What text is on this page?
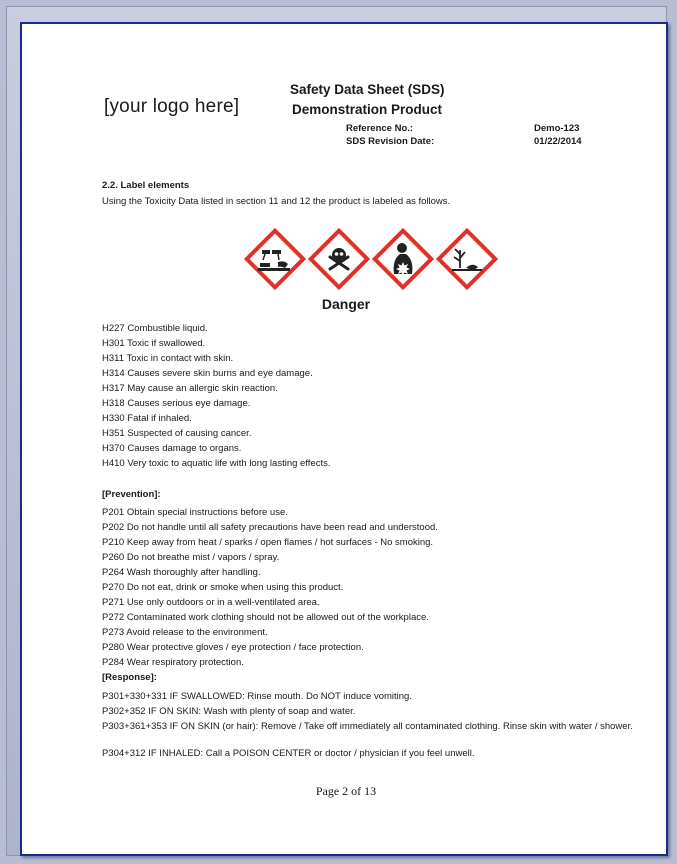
[your logo here]
Safety Data Sheet (SDS)
Demonstration Product
Reference No.:	Demo-123
SDS Revision Date:	01/22/2014
2.2. Label elements
Using the Toxicity Data listed in section 11 and 12 the product is labeled as follows.
Danger
H227 Combustible liquid.
H301 Toxic if swallowed.
H311 Toxic in contact with skin.
H314 Causes severe skin burns and eye damage.
H317 May cause an allergic skin reaction.
H318 Causes serious eye damage.
H330 Fatal if inhaled.
H351 Suspected of causing cancer.
H370 Causes damage to organs.
H410 Very toxic to aquatic life with long lasting effects.
[Prevention]:
P201 Obtain special instructions before use.
P202 Do not handle until all safety precautions have been read and understood.
P210 Keep away from heat / sparks / open flames / hot surfaces - No smoking.
P260 Do not breathe mist / vapors / spray.
P264 Wash thoroughly after handling.
P270 Do not eat, drink or smoke when using this product.
P271 Use only outdoors or in a well-ventilated area.
P272 Contaminated work clothing should not be allowed out of the workplace.
P273 Avoid release to the environment.
P280 Wear protective gloves / eye protection / face protection.
P284 Wear respiratory protection.
[Response]:
P301+330+331 IF SWALLOWED: Rinse mouth. Do NOT induce vomiting.
P302+352 IF ON SKIN: Wash with plenty of soap and water.
P303+361+353 IF ON SKIN (or hair): Remove / Take off immediately all contaminated clothing. Rinse skin with water / shower.
P304+312 IF INHALED: Call a POISON CENTER or doctor / physician if you feel unwell.
Page 2 of 13
